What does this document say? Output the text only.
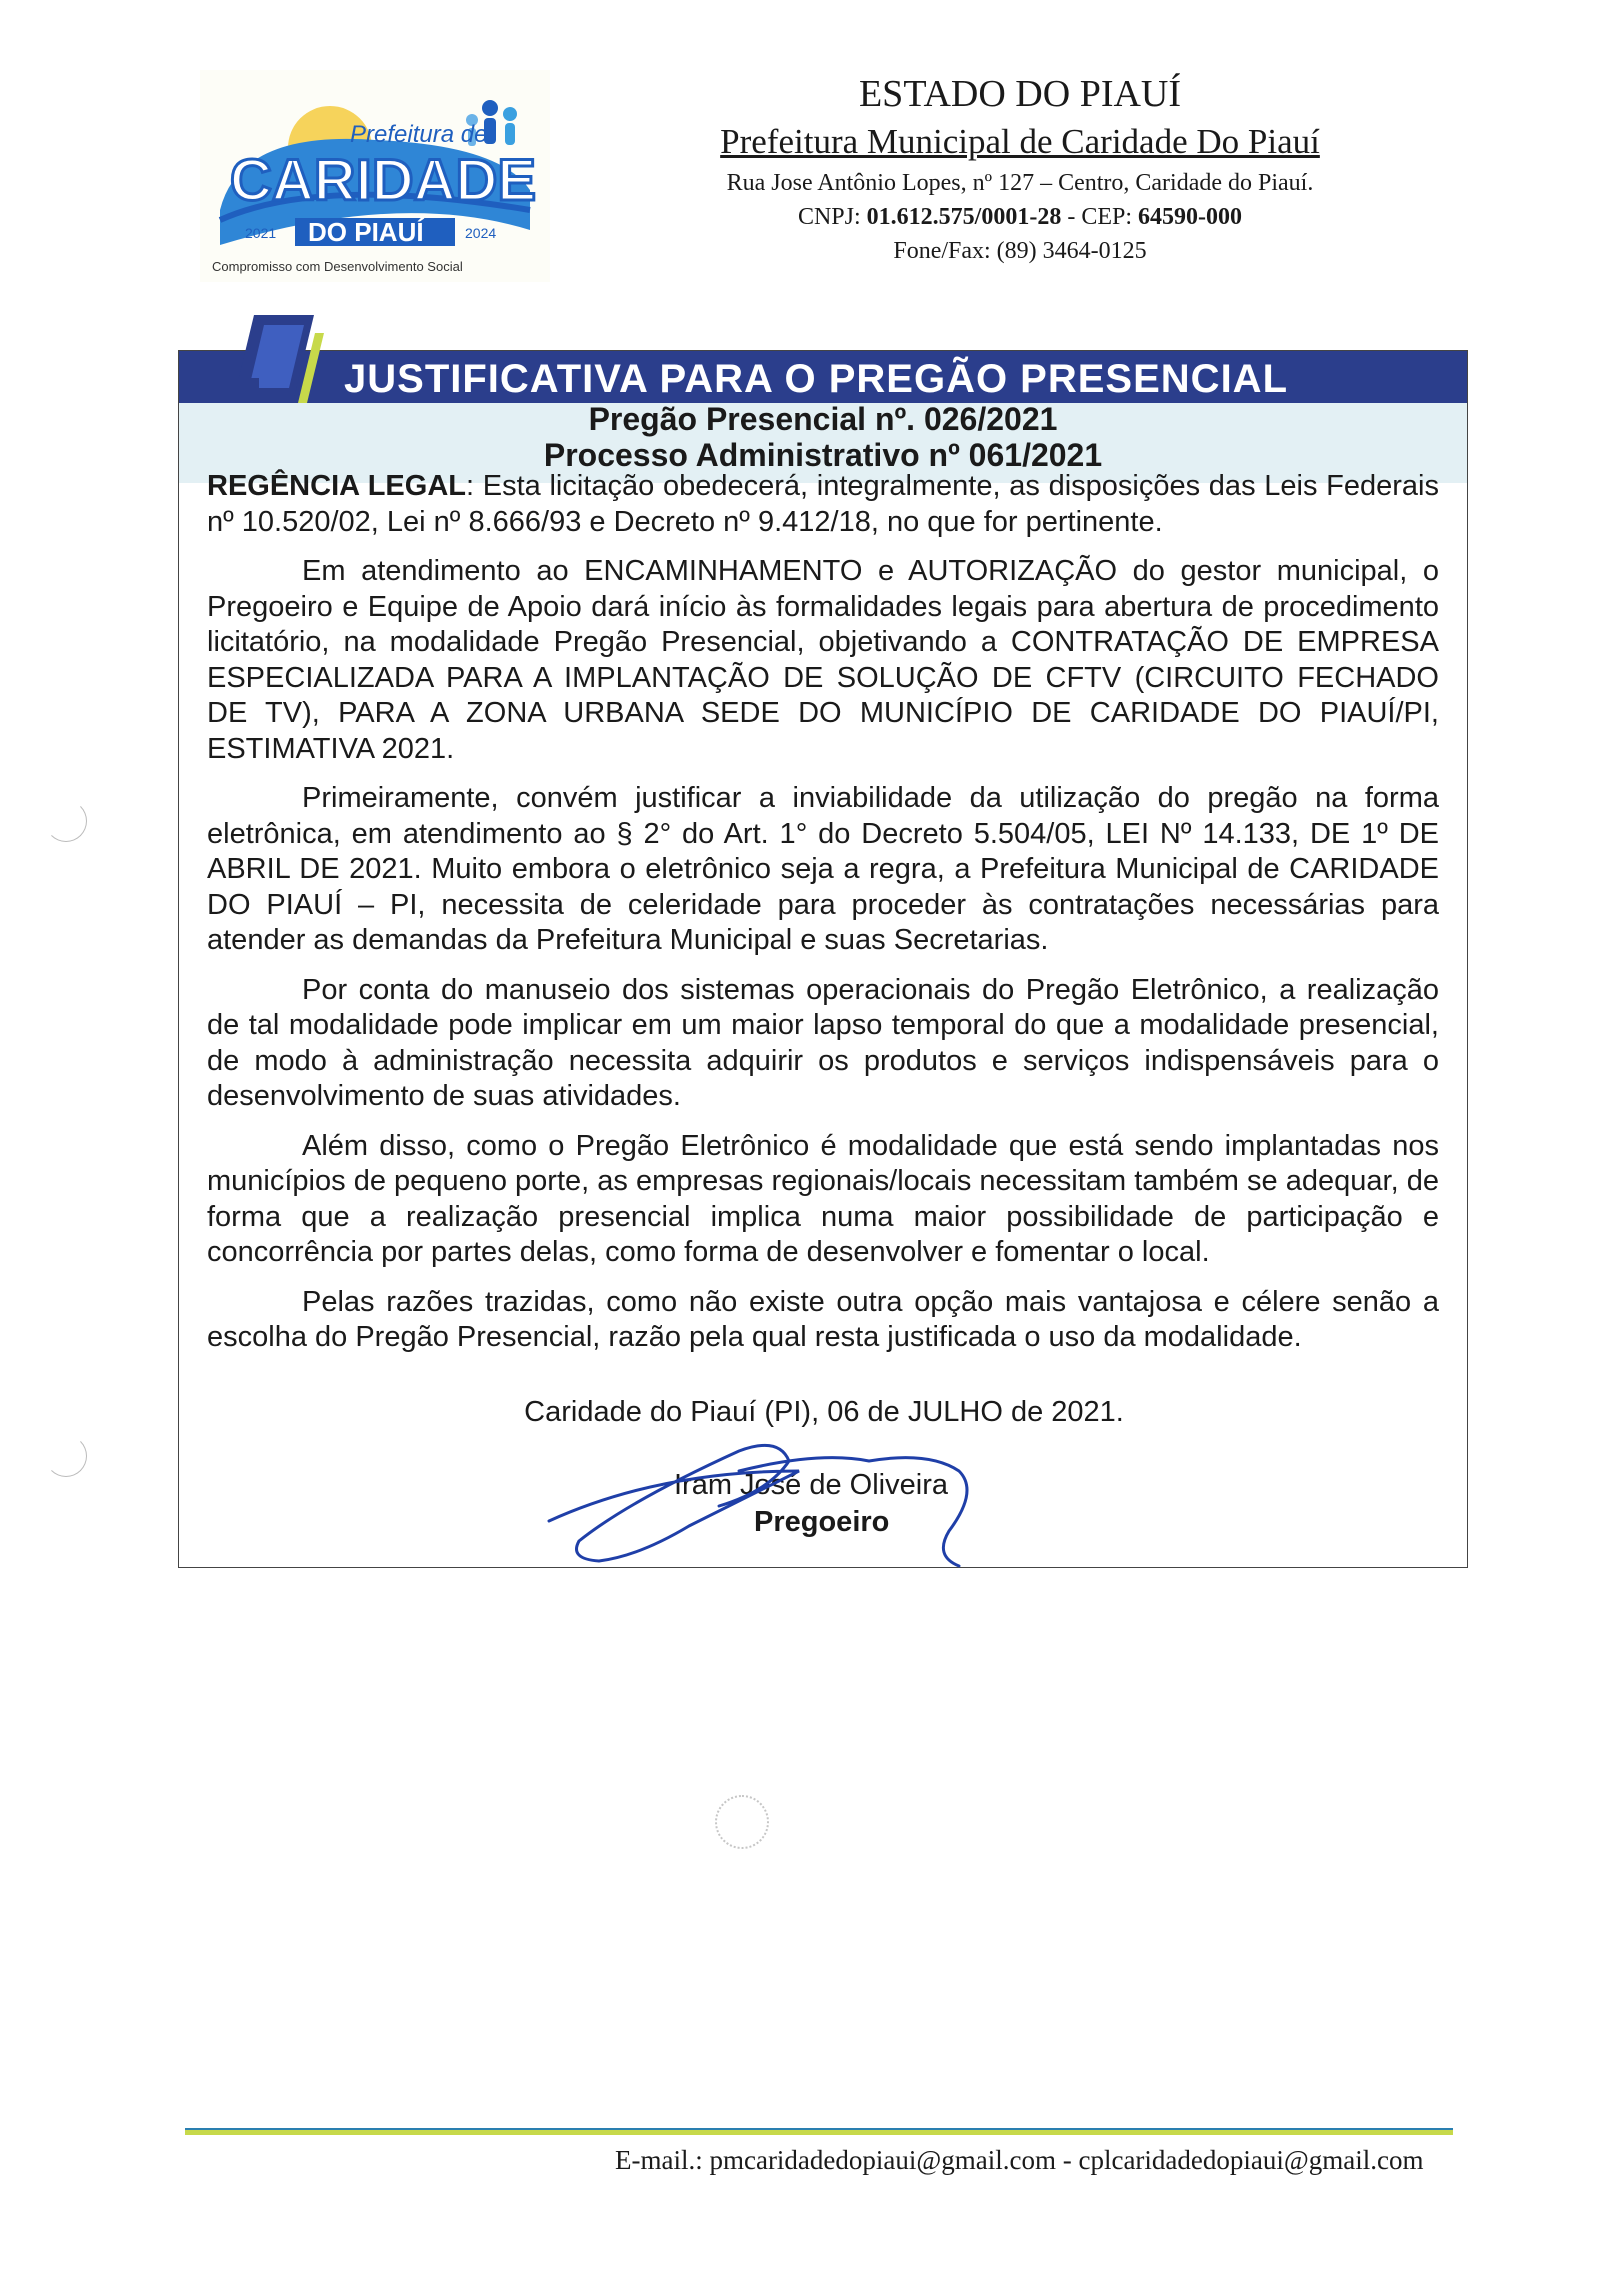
Prefeitura de
CARIDADE
DO PIAUÍ
2021	2024
Compromisso com Desenvolvimento Social
ESTADO DO PIAUÍ
Prefeitura Municipal de Caridade Do Piauí
Rua Jose Antônio Lopes, nº 127 – Centro, Caridade do Piauí.
CNPJ: 01.612.575/0001-28 - CEP: 64590-000
Fone/Fax: (89) 3464-0125
JUSTIFICATIVA PARA O PREGÃO PRESENCIAL
Pregão Presencial nº. 026/2021
Processo Administrativo nº 061/2021

REGÊNCIA LEGAL: Esta licitação obedecerá, integralmente, as disposições das Leis Federais nº 10.520/02, Lei nº 8.666/93 e Decreto nº 9.412/18, no que for pertinente.

Em atendimento ao ENCAMINHAMENTO e AUTORIZAÇÃO do gestor municipal, o Pregoeiro e Equipe de Apoio dará início às formalidades legais para abertura de procedimento licitatório, na modalidade Pregão Presencial, objetivando a CONTRATAÇÃO DE EMPRESA ESPECIALIZADA PARA A IMPLANTAÇÃO DE SOLUÇÃO DE CFTV (CIRCUITO FECHADO DE TV), PARA A ZONA URBANA SEDE DO MUNICÍPIO DE CARIDADE DO PIAUÍ/PI, ESTIMATIVA 2021.

Primeiramente, convém justificar a inviabilidade da utilização do pregão na forma eletrônica, em atendimento ao § 2° do Art. 1° do Decreto 5.504/05, LEI Nº 14.133, DE 1º DE ABRIL DE 2021. Muito embora o eletrônico seja a regra, a Prefeitura Municipal de CARIDADE DO PIAUÍ – PI, necessita de celeridade para proceder às contratações necessárias para atender as demandas da Prefeitura Municipal e suas Secretarias.

Por conta do manuseio dos sistemas operacionais do Pregão Eletrônico, a realização de tal modalidade pode implicar em um maior lapso temporal do que a modalidade presencial, de modo à administração necessita adquirir os produtos e serviços indispensáveis para o desenvolvimento de suas atividades.

Além disso, como o Pregão Eletrônico é modalidade que está sendo implantadas nos municípios de pequeno porte, as empresas regionais/locais necessitam também se adequar, de forma que a realização presencial implica numa maior possibilidade de participação e concorrência por partes delas, como forma de desenvolver e fomentar o local.

Pelas razões trazidas, como não existe outra opção mais vantajosa e célere senão a escolha do Pregão Presencial, razão pela qual resta justificada o uso da modalidade.

Caridade do Piauí (PI), 06 de JULHO de 2021.
Iram José de Oliveira
Pregoeiro
E-mail.: pmcaridadedopiaui@gmail.com - cplcaridadedopiaui@gmail.com
